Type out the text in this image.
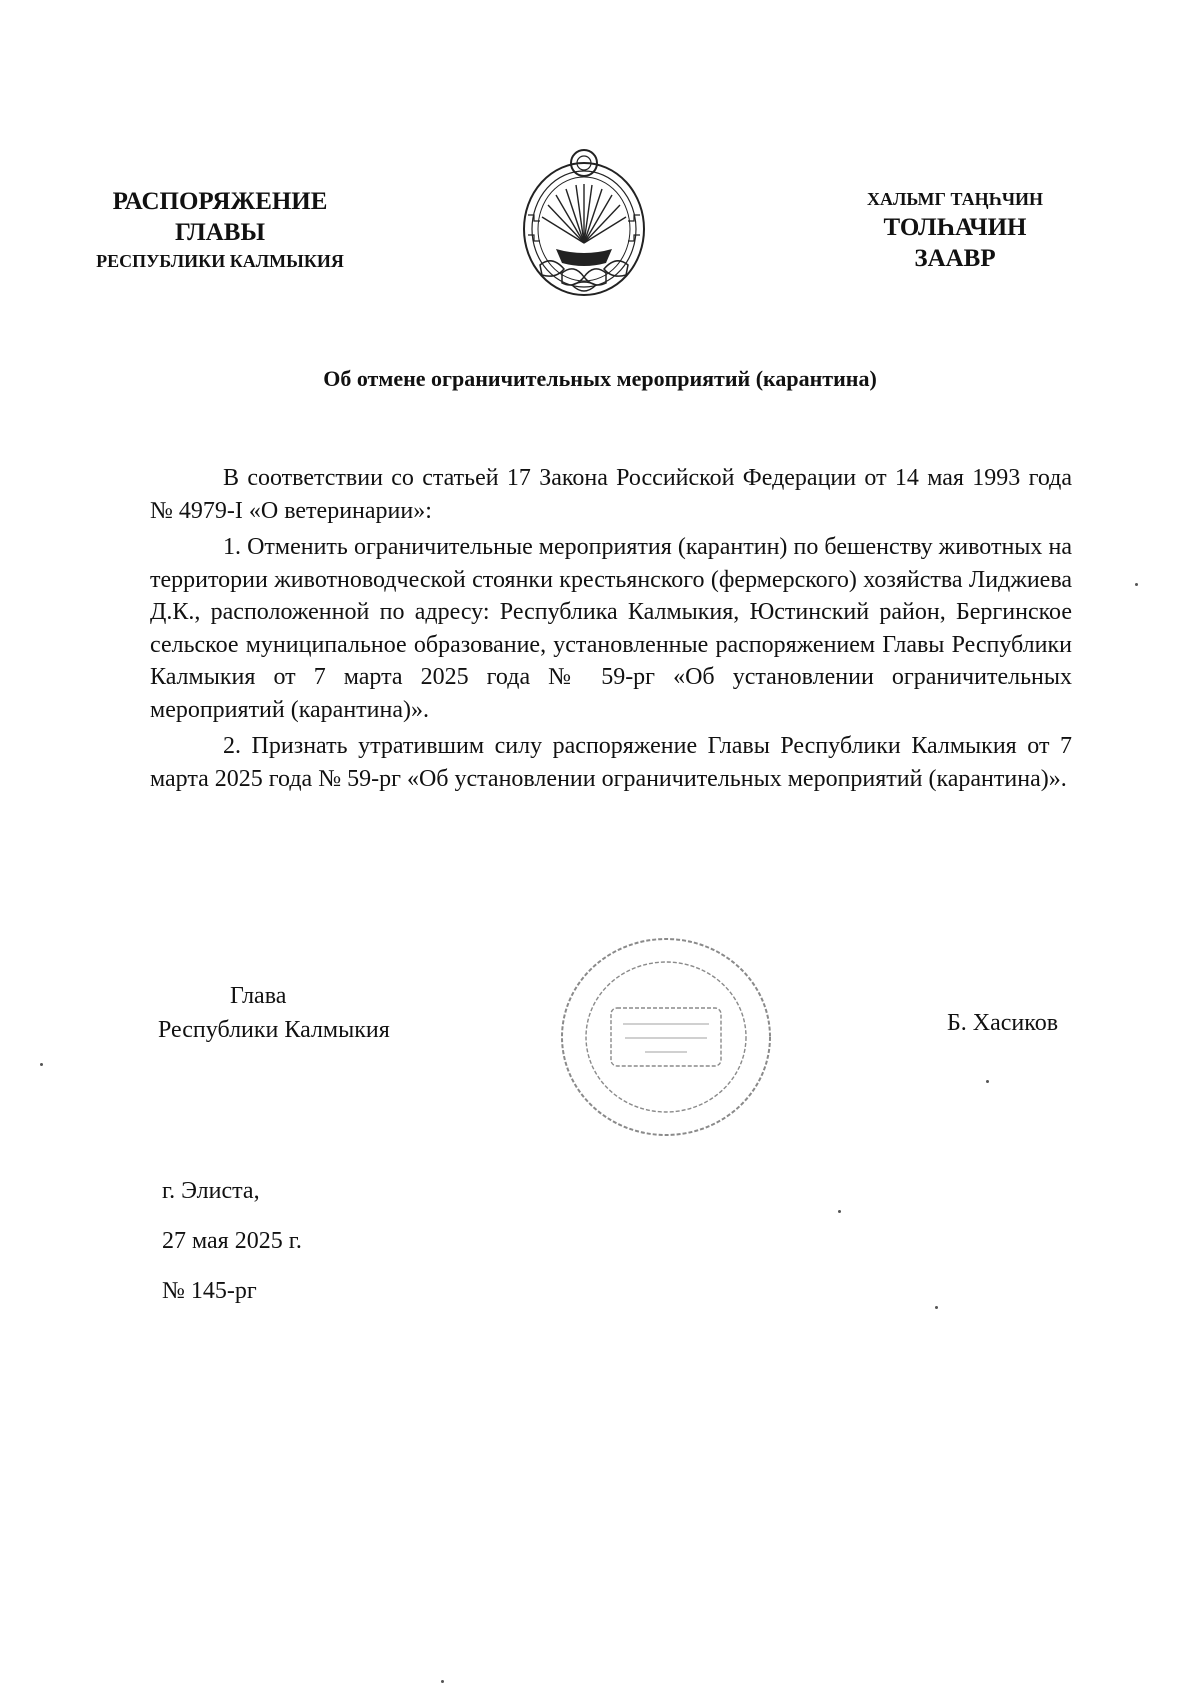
РАСПОРЯЖЕНИЕ
ГЛАВЫ
РЕСПУБЛИКИ КАЛМЫКИЯ
ХАЛЬМГ ТАҢҺЧИН
ТОЛҺАЧИН
ЗААВР
Об отмене ограничительных мероприятий (карантина)

В соответствии со статьей 17 Закона Российской Федерации от 14 мая 1993 года № 4979-I «О ветеринарии»:

1. Отменить ограничительные мероприятия (карантин) по бешенству животных на территории животноводческой стоянки крестьянского (фермерского) хозяйства Лиджиева Д.К., расположенной по адресу: Республика Калмыкия, Юстинский район, Бергинское сельское муниципальное образование, установленные распоряжением Главы Республики Калмыкия от 7 марта 2025 года № 59-рг «Об установлении ограничительных мероприятий (карантина)».

2. Признать утратившим силу распоряжение Главы Республики Калмыкия от 7 марта 2025 года № 59-рг «Об установлении ограничительных мероприятий (карантина)».

Глава
Республики Калмыкия	Б. Хасиков
г. Элиста,
27 мая 2025 г.
№ 145-рг
